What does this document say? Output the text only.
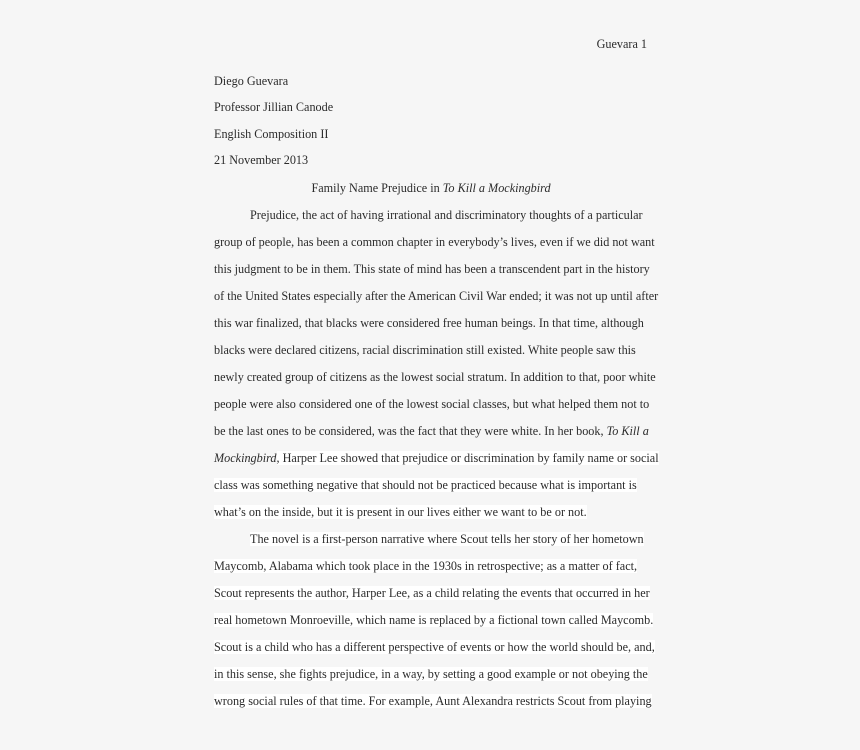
Guevara 1
Diego Guevara
Professor Jillian Canode
English Composition II
21 November 2013
Family Name Prejudice in To Kill a Mockingbird
Prejudice, the act of having irrational and discriminatory thoughts of a particular
group of people, has been a common chapter in everybody’s lives, even if we did not want
this judgment to be in them. This state of mind has been a transcendent part in the history
of the United States especially after the American Civil War ended; it was not up until after
this war finalized, that blacks were considered free human beings. In that time, although
blacks were declared citizens, racial discrimination still existed. White people saw this
newly created group of citizens as the lowest social stratum. In addition to that, poor white
people were also considered one of the lowest social classes, but what helped them not to
be the last ones to be considered, was the fact that they were white. In her book, To Kill a
Mockingbird, Harper Lee showed that prejudice or discrimination by family name or social
class was something negative that should not be practiced because what is important is
what’s on the inside, but it is present in our lives either we want to be or not.
The novel is a first-person narrative where Scout tells her story of her hometown
Maycomb, Alabama which took place in the 1930s in retrospective; as a matter of fact,
Scout represents the author, Harper Lee, as a child relating the events that occurred in her
real hometown Monroeville, which name is replaced by a fictional town called Maycomb.
Scout is a child who has a different perspective of events or how the world should be, and,
in this sense, she fights prejudice, in a way, by setting a good example or not obeying the
wrong social rules of that time. For example, Aunt Alexandra restricts Scout from playing
